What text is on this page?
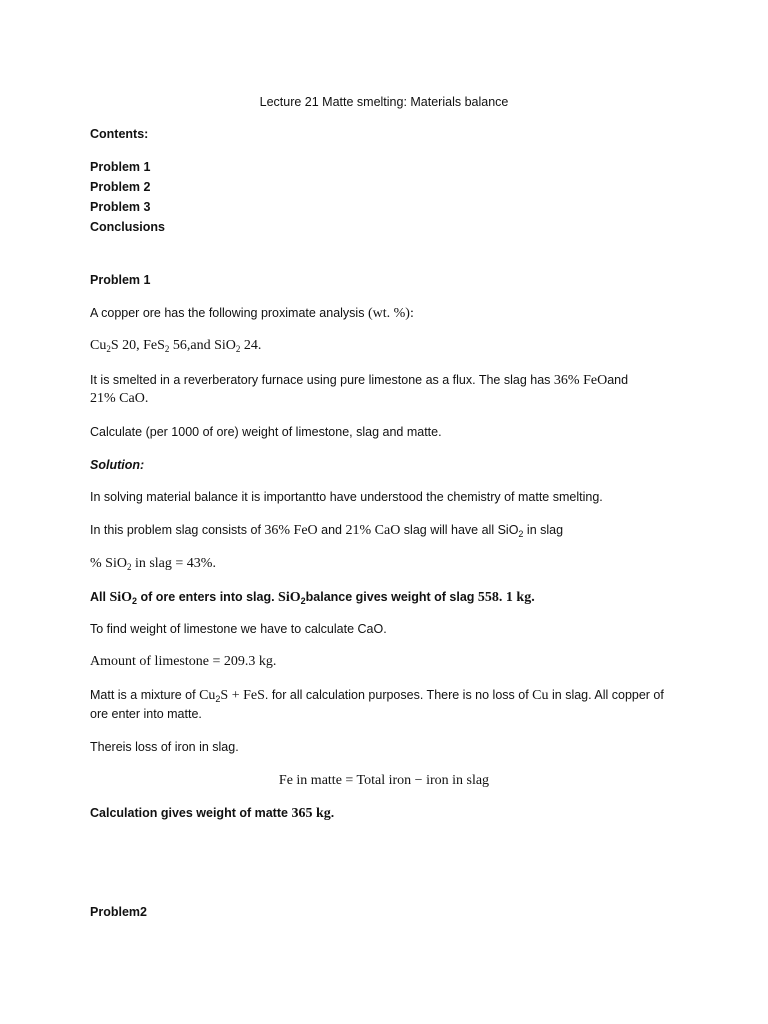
Lecture 21 Matte smelting: Materials balance
Contents:
Problem 1
Problem 2
Problem 3
Conclusions
Problem 1
A copper ore has the following proximate analysis (wt. %):
$Cu_2S$ 20, FeS$_2$ 56,and SiO$_2$ 24.
It is smelted in a reverberatory furnace using pure limestone as a flux. The slag has 36% FeOand
21% CaO.
Calculate (per 1000 of ore) weight of limestone, slag and matte.
Solution:
In solving material balance it is importantto have understood the chemistry of matte smelting.
In this problem slag consists of 36% FeO and 21% CaO slag will have all SiO$_2$ in slag
% SiO$_2$ in slag = 43%.
All SiO$_2$ of ore enters into slag. SiO$_2$balance gives weight of slag 558. 1 kg.
To find weight of limestone we have to calculate CaO.
Amount of limestone = 209.3 kg.
Matt is a mixture of $Cu_2S$ + FeS. for all calculation purposes. There is no loss of Cu in slag. All copper of
ore enter into matte.
Thereis loss of iron in slag.
Fe in matte = Total iron − iron in slag
Calculation gives weight of matte 365 kg.
Problem2
